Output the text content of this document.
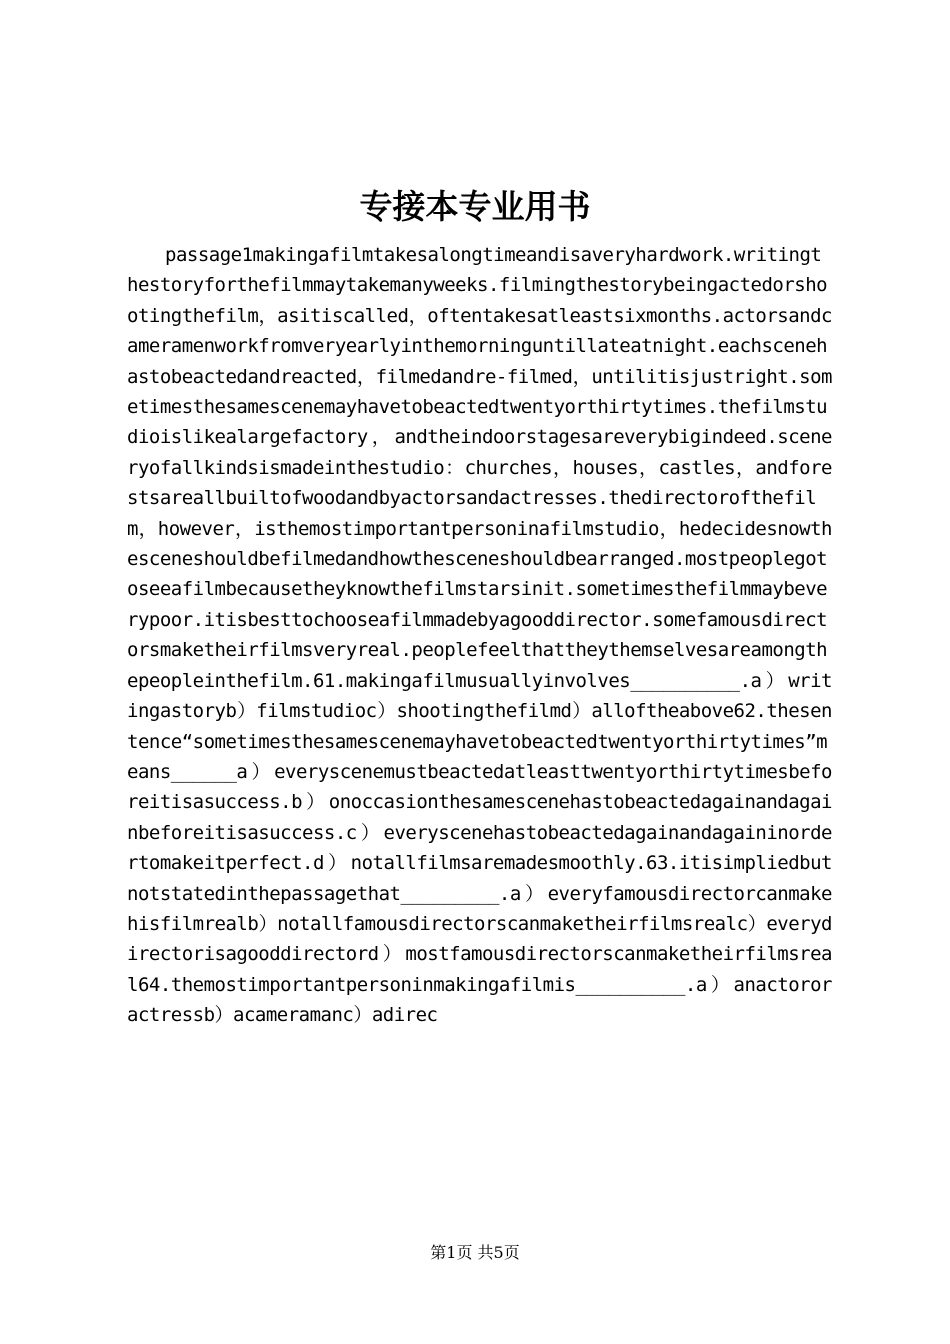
专接本专业用书

passage1makingafilmtakesalongtimeandisaveryhardwork.writingthestoryforthefilmmaytakemanyweeks.filmingthestorybeingactedorshootingthefilm，asitiscalled，oftentakesatleastsixmonths.actorsandcameramenworkfromveryearlyinthemorninguntillateatnight.eachscenehastobeactedandreacted，filmedandre-filmed，untilitisjustright.sometimesthesamescenemayhavetobeactedtwentyorthirtytimes.thefilmstudioislikealargefactory，andtheindoorstagesareverybigindeed.sceneryofallkindsismadeinthestudio：churches，houses，castles，andforestsareallbuiltofwoodandbyactorsandactresses.thedirectorofthefilm，however，isthemostimportantpersoninafilmstudio，hedecidesnowthesceneshouldbefilmedandhowthesceneshouldbearranged.mostpeoplegotoseeafilmbecausetheyknowthefilmstarsinit.sometimesthefilmmaybeverypoor.itisbesttochooseafilmmadebyagooddirector.somefamousdirectorsmaketheirfilmsveryreal.peoplefeelthattheythemselvesareamongthepeopleinthefilm.61.makingafilmusuallyinvolves__________.a）writingastoryb）filmstudioc）shootingthefilmd）alloftheabove62.thesentence“sometimesthesamescenemayhavetobeactedtwentyorthirtytimes”means______a）everyscenemustbeactedatleasttwentyorthirtytimesbeforeitisasuccess.b）onoccasionthesamescenehastobeactedagainandagainbeforeitisasuccess.c）everyscenehastobeactedagainandagaininordertomakeitperfect.d）notallfilmsaremadesmoothly.63.itisimpliedbutnotstatedinthepassagethat_________.a）everyfamousdirectorcanmakehisfilmrealb）notallfamousdirectorscanmaketheirfilmsrealc）everydirectorisagooddirectord）mostfamousdirectorscanmaketheirfilmsreal64.themostimportantpersoninmakingafilmis__________.a）anactororactressb）acameramanc）adirec

第1页 共5页
